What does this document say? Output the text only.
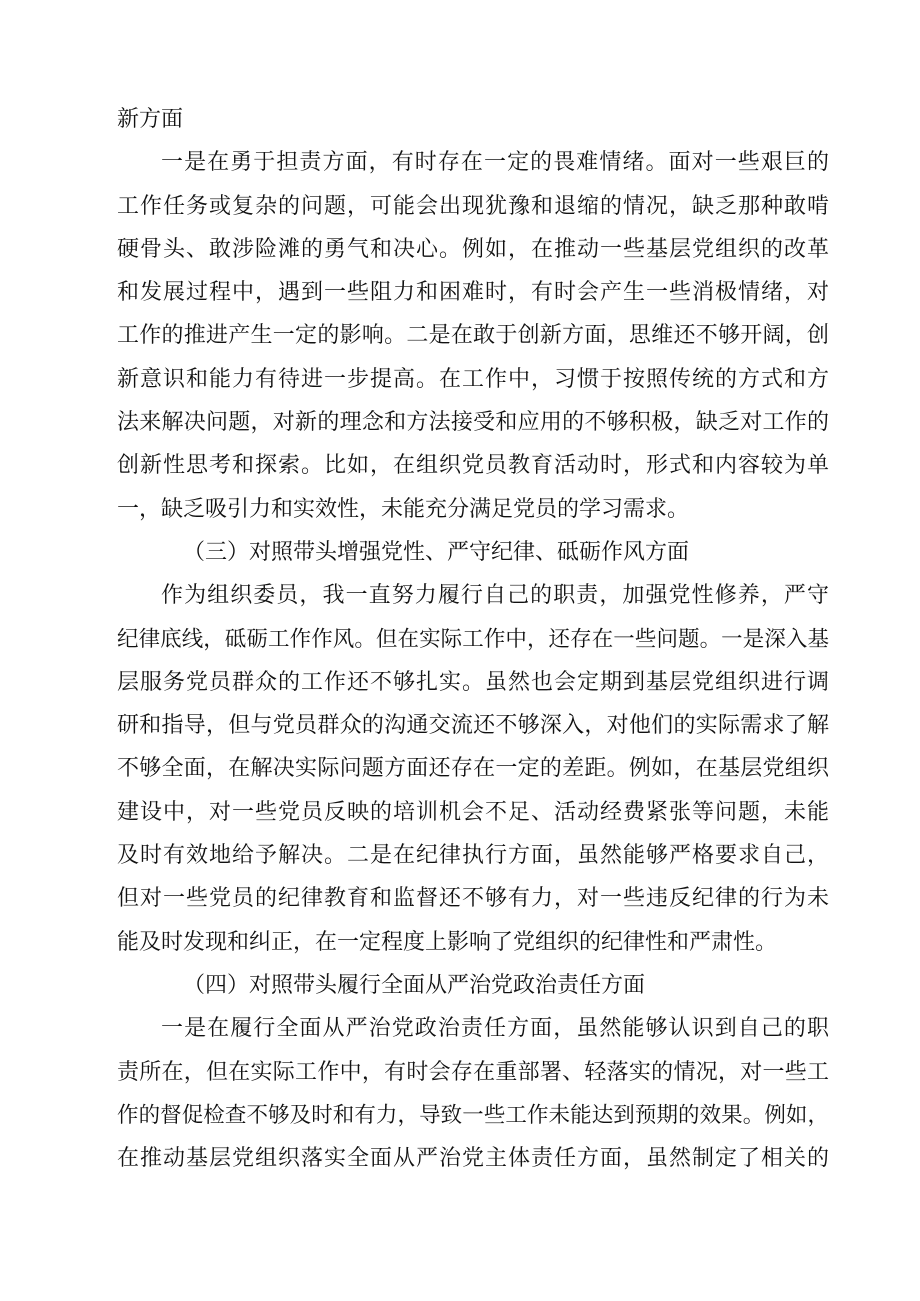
新方面
一是在勇于担责方面，有时存在一定的畏难情绪。面对一些艰巨的
工作任务或复杂的问题，可能会出现犹豫和退缩的情况，缺乏那种敢啃
硬骨头、敢涉险滩的勇气和决心。例如，在推动一些基层党组织的改革
和发展过程中，遇到一些阻力和困难时，有时会产生一些消极情绪，对
工作的推进产生一定的影响。二是在敢于创新方面，思维还不够开阔，创
新意识和能力有待进一步提高。在工作中，习惯于按照传统的方式和方
法来解决问题，对新的理念和方法接受和应用的不够积极，缺乏对工作的
创新性思考和探索。比如，在组织党员教育活动时，形式和内容较为单
一，缺乏吸引力和实效性，未能充分满足党员的学习需求。
（三）对照带头增强党性、严守纪律、砥砺作风方面
作为组织委员，我一直努力履行自己的职责，加强党性修养，严守
纪律底线，砥砺工作作风。但在实际工作中，还存在一些问题。一是深入基
层服务党员群众的工作还不够扎实。虽然也会定期到基层党组织进行调
研和指导，但与党员群众的沟通交流还不够深入，对他们的实际需求了解
不够全面，在解决实际问题方面还存在一定的差距。例如，在基层党组织
建设中，对一些党员反映的培训机会不足、活动经费紧张等问题，未能
及时有效地给予解决。二是在纪律执行方面，虽然能够严格要求自己，
但对一些党员的纪律教育和监督还不够有力，对一些违反纪律的行为未
能及时发现和纠正，在一定程度上影响了党组织的纪律性和严肃性。
（四）对照带头履行全面从严治党政治责任方面
一是在履行全面从严治党政治责任方面，虽然能够认识到自己的职
责所在，但在实际工作中，有时会存在重部署、轻落实的情况，对一些工
作的督促检查不够及时和有力，导致一些工作未能达到预期的效果。例如，
在推动基层党组织落实全面从严治党主体责任方面，虽然制定了相关的
